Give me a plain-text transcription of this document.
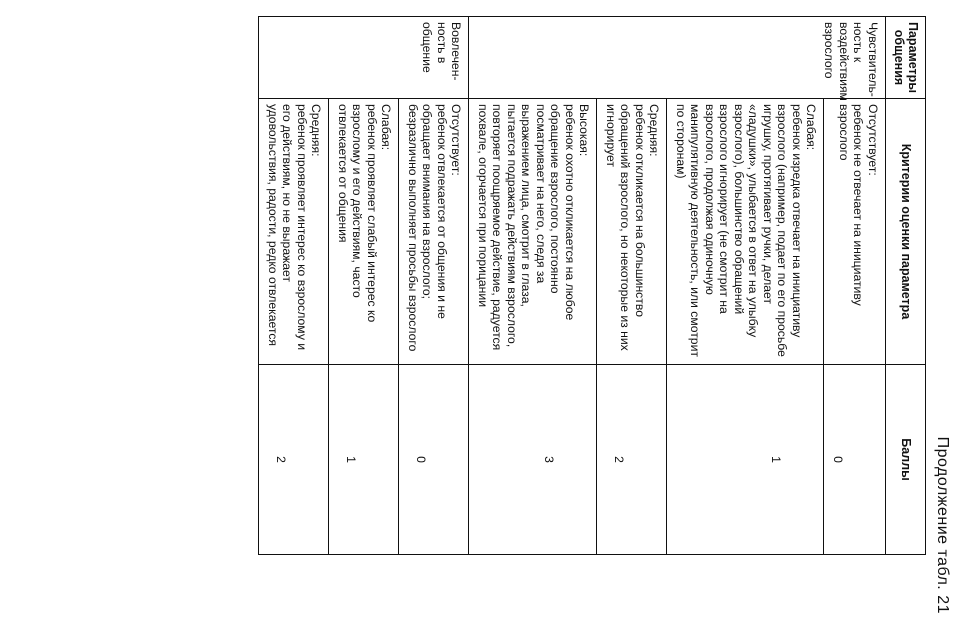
Продолжение табл. 21
Параметры общения	Критерии оценки параметра	Баллы
Чувствитель-ность к воздействиям взрослого	Отсутствует:
ребенок не отвечает на инициативу взрослого	0

	Слабая:
ребенок изредка отвечает на инициативу взрослого (например, подает по его просьбе игрушку, протягивает ручки, делает «ладушки», улыбается в ответ на улыбку взрослого), большинство обращений взрослого игнорирует (не смотрит на взрослого, продолжая одиночную манипулятивную деятельность, или смотрит по сторонам)	1

	Средняя:
ребенок откликается на большинство обращений взрослого, но некоторые из них игнорирует	2

	Высокая:
ребенок охотно откликается на любое обращение взрослого, постоянно посматривает на него, следя за выражением лица, смотрит в глаза, пытается подражать действиям взрослого, повторяет поощряемое действие, радуется похвале, огорчается при порицании	3
Вовлечен-ность в общение	Отсутствует:
ребенок отвлекается от общения и не обращает внимания на взрослого; безразлично выполняет просьбы взрослого	0

	Слабая:
ребенок проявляет слабый интерес ко взрослому и его действиям, часто отвлекается от общения	1

	Средняя:
ребенок проявляет интерес ко взрослому и его действиям, но не выражает удовольствия, радости, редко отвлекается	2
